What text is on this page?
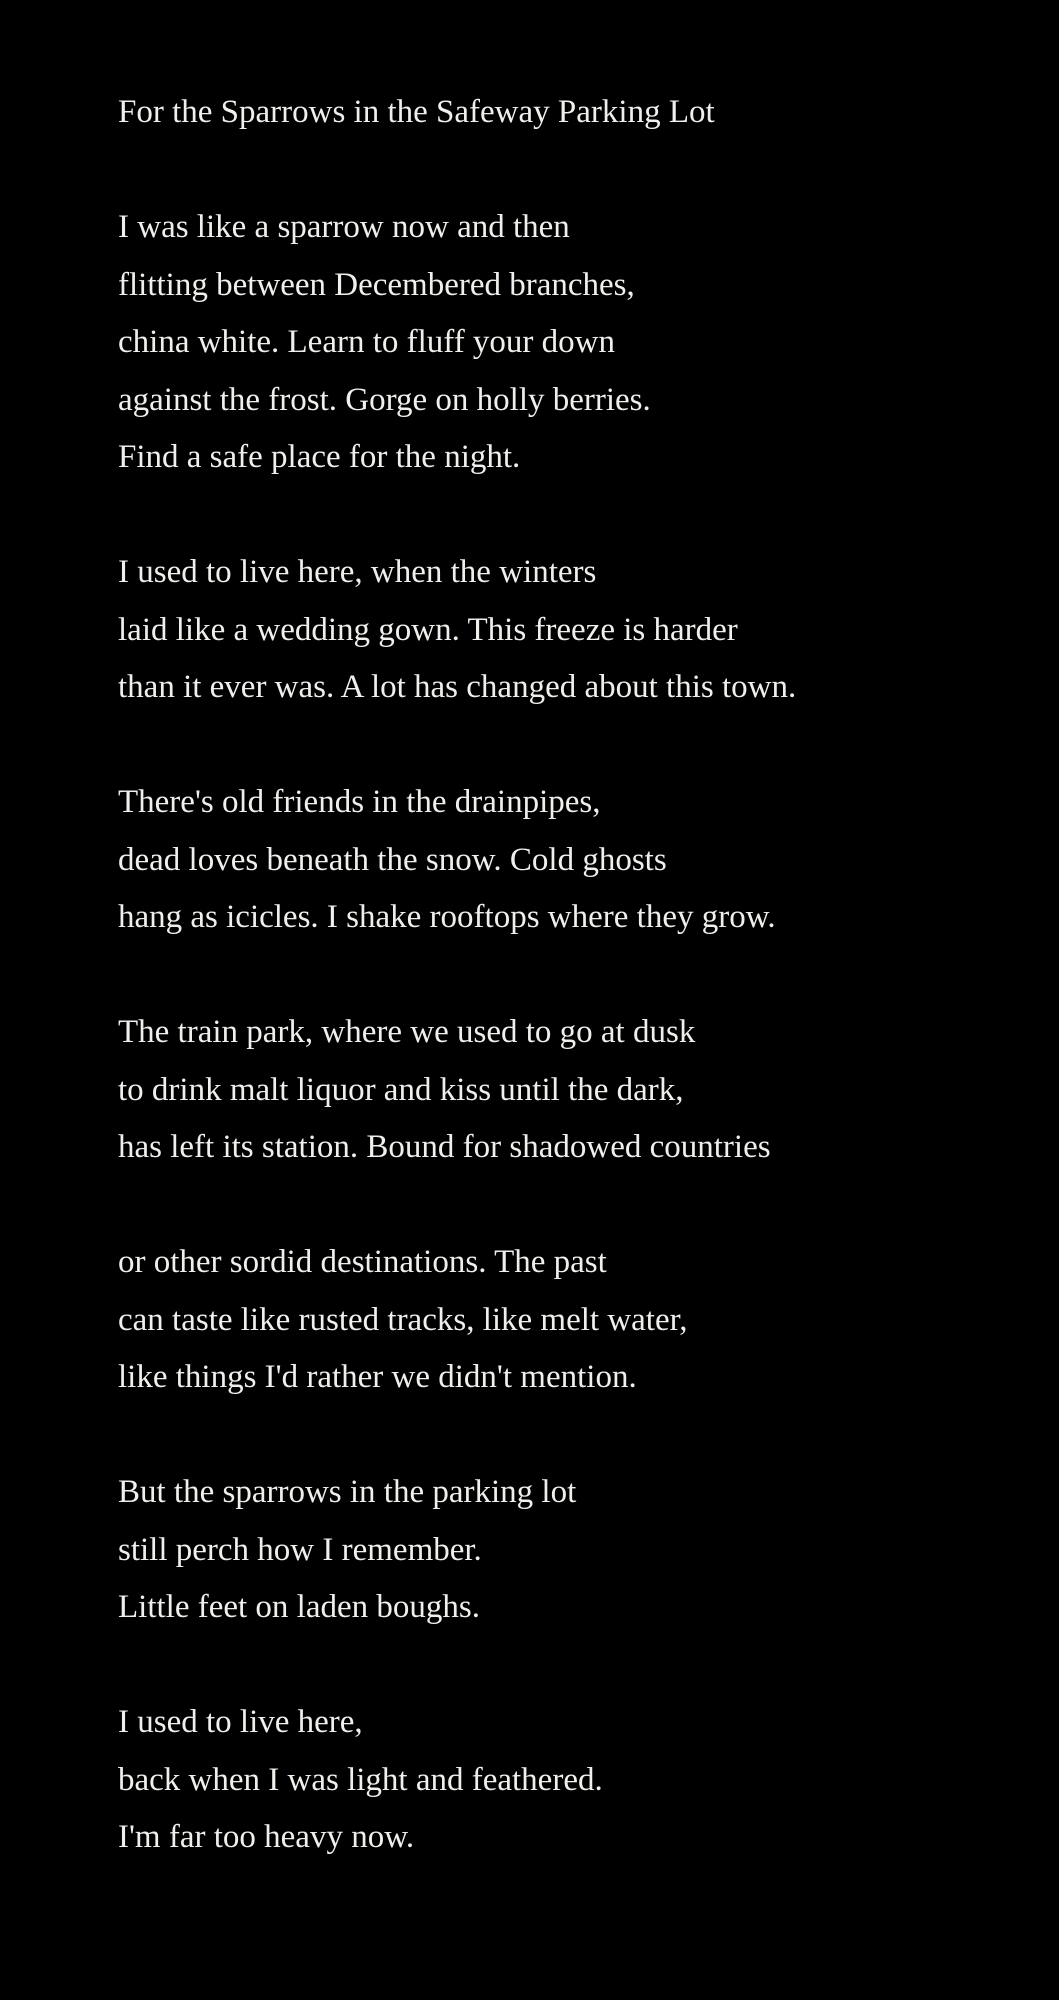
For the Sparrows in the Safeway Parking Lot
I was like a sparrow now and then
flitting between Decembered branches,
china white. Learn to fluff your down
against the frost. Gorge on holly berries.
Find a safe place for the night.
I used to live here, when the winters
laid like a wedding gown. This freeze is harder
than it ever was. A lot has changed about this town.
There's old friends in the drainpipes,
dead loves beneath the snow. Cold ghosts
hang as icicles. I shake rooftops where they grow.
The train park, where we used to go at dusk
to drink malt liquor and kiss until the dark,
has left its station. Bound for shadowed countries
or other sordid destinations. The past
can taste like rusted tracks, like melt water,
like things I'd rather we didn't mention.
But the sparrows in the parking lot
still perch how I remember.
Little feet on laden boughs.
I used to live here,
back when I was light and feathered.
I'm far too heavy now.
